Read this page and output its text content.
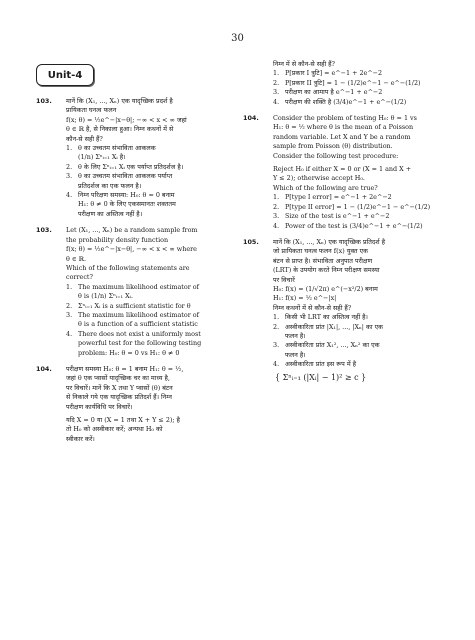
30
Unit-4
103. मानें कि (X₁, ..., Xₙ) एक यादृच्छिक प्रदर्श है
प्रायिकता घनत्व फलन
f(x; θ) = ½e^−|x−θ|; −∞ < x < ∞ जहां
θ ∈ ℝ है, से निकाला हुआ। निम्न कथनों में से
कौन-से सही हैं?
1. θ का उच्चतम संभाविता आकलक
(1/n) Σⁿᵢ₌₁ Xᵢ है।
2. θ के लिए Σⁿᵢ₌₁ Xᵢ एक पर्याप्त प्रतिदर्शज है।
3. θ का उच्चतम संभाविता आकलक पर्याप्त
प्रतिदर्शज का एक फलन है।
4. निम्न परिक्षण समस्या: H₀: θ = 0 बनाम
H₁: θ ≠ 0 के लिए एकसमानतः शक्ततम
परीक्षण का अस्तित्व नहीं है।
103. Let (X₁, ..., Xₙ) be a random sample from
the probability density function
f(x; θ) = ½e^−|x−θ|, −∞ < x < ∞ where
θ ∈ ℝ.
Which of the following statements are
correct?
1. The maximum likelihood estimator of
θ is (1/n) Σⁿᵢ₌₁ Xᵢ.
2. Σⁿᵢ₌₁ Xᵢ is a sufficient statistic for θ
3. The maximum likelihood estimator of
θ is a function of a sufficient statistic
4. There does not exist a uniformly most
powerful test for the following testing
problem: H₀: θ = 0 vs H₁: θ ≠ 0
104. परीक्षण समस्या H₀: θ = 1 बनाम H₁: θ = ½,
जहां θ एक प्वासों यादृच्छिक चर का माध्य है,
पर विचारें। मानें कि X तथा Y प्वासों (θ) बंटन
से निकाले गये एक यादृच्छिक प्रतिदर्श हैं। निम्न
परीक्षण कार्यविधि पर विचारें।
यदि X = 0 या (X = 1 तथा X + Y ≤ 2); है
तो H₀ को अस्वीकार करें; अन्यथा H₀ को
स्वीकार करें।
निम्न में से कौन-से सही हैं?
1. P[प्रकार I त्रुटि] = e^−1 + 2e^−2
2. P[प्रकार II त्रुटि] = 1 − (1/2)e^−1 − e^−(1/2)
3. परीक्षण का आमाप है e^−1 + e^−2
4. परीक्षण की शक्ति है (3/4)e^−1 + e^−(1/2)
104. Consider the problem of testing H₀: θ = 1 vs
H₁: θ = ½ where θ is the mean of a Poisson
random variable. Let X and Y be a random
sample from Poisson (θ) distribution.
Consider the following test procedure:
Reject H₀ if either X = 0 or (X = 1 and X +
Y ≤ 2); otherwise accept H₀.
Which of the following are true?
1. P[type I error] = e^−1 + 2e^−2
2. P[type II error] = 1 − (1/2)e^−1 − e^−(1/2)
3. Size of the test is e^−1 + e^−2
4. Power of the test is (3/4)e^−1 + e^−(1/2)
105. मानें कि (X₁, ..., Xₙ) एक यादृच्छिक प्रतिदर्श है
जो प्रायिकता घनत्व फलन f(x) युक्त एक
बंटन से प्राप्त है। संभाविता अनुपात परीक्षण
(LRT) के उपयोग करते निम्न परीक्षण समस्या
पर विचारें
H₀: f(x) = (1/√2π) e^(−x²/2) बनाम
H₁: f(x) = ½ e^−|x|
निम्न कथनों में से कौन-से सही हैं?
1. किसी भी LRT का अस्तित्व नहीं है।
2. अस्वीकारिता प्रांत |X₁|, ..., |Xₙ| का एक
फलन है।
3. अस्वीकारिता प्रांत X₁², ..., Xₙ² का एक
फलन है।
4. अस्वीकारिता प्रांत इस रूप में है
{ Σⁿᵢ₌₁ (|Xᵢ| − 1)² ≥ c }
